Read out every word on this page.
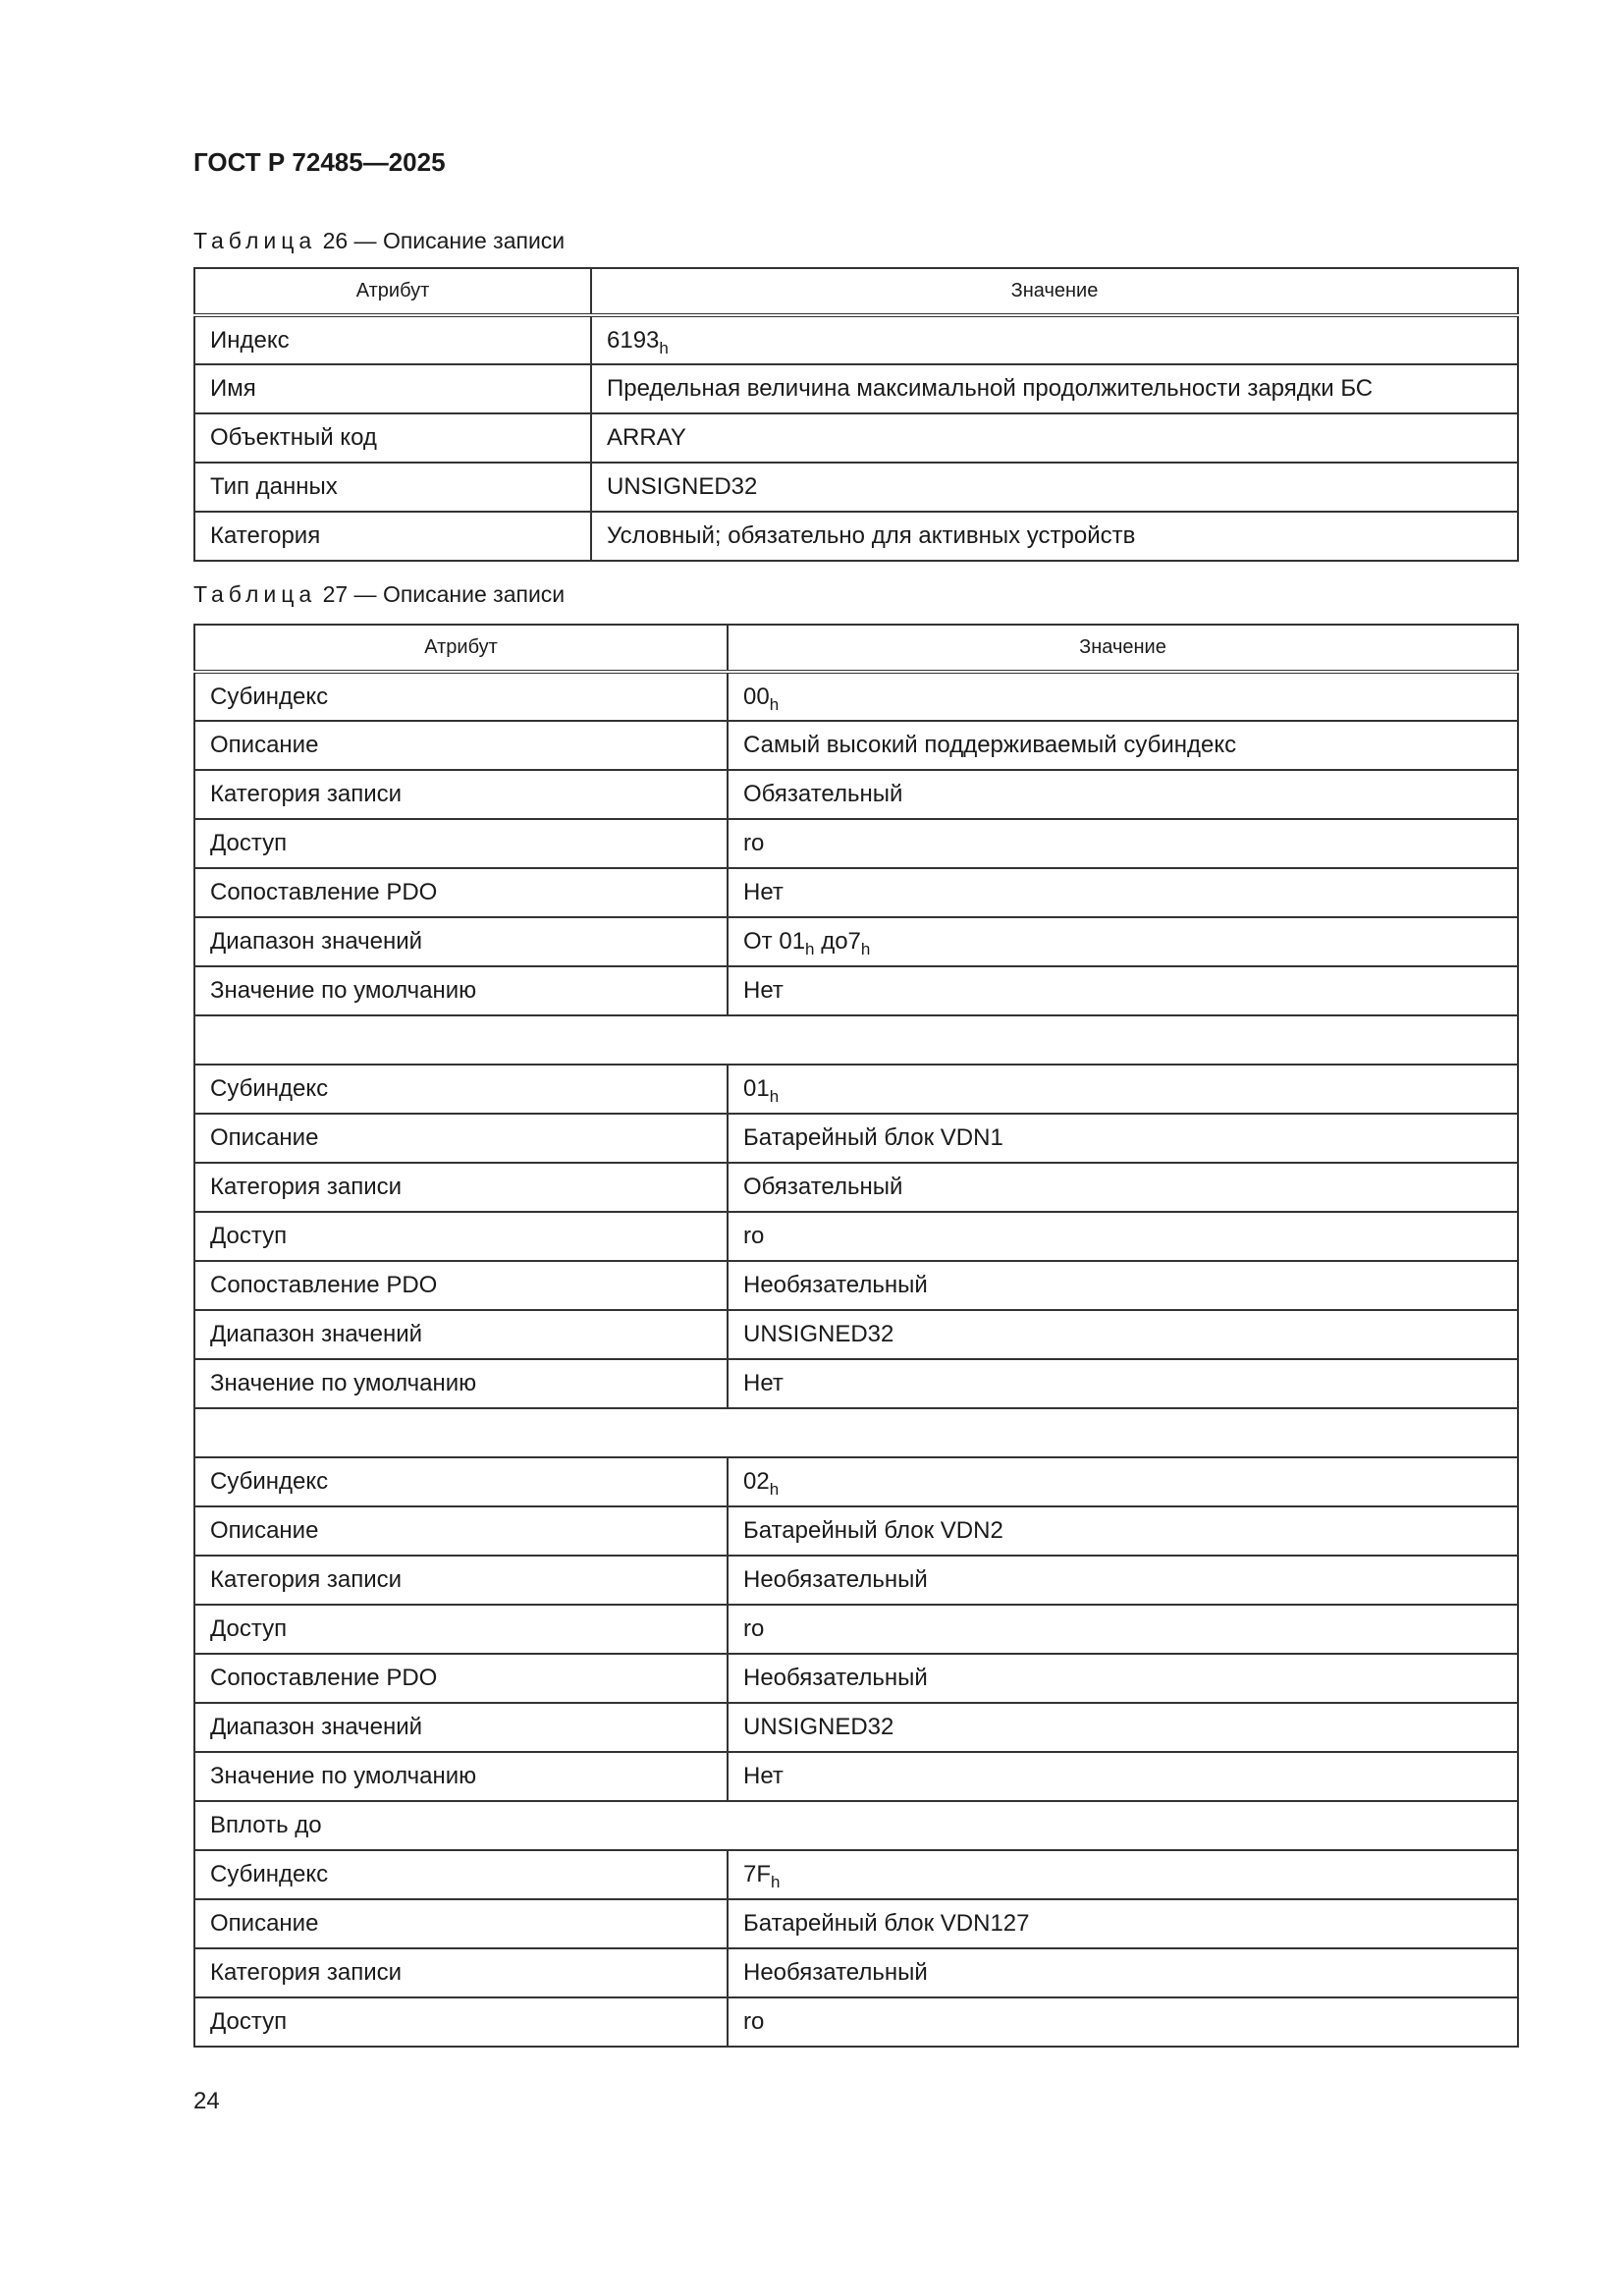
ГОСТ Р 72485—2025
Таблица 26 — Описание записи
Атрибут	Значение
Индекс	$6193_h$
Имя	Предельная величина максимальной продолжительности зарядки БС
Объектный код	ARRAY
Тип данных	UNSIGNED32
Категория	Условный; обязательно для активных устройств
Таблица 27 — Описание записи
Атрибут	Значение
Субиндекс	$00_h$
Описание	Самый высокий поддерживаемый субиндекс
Категория записи	Обязательный
Доступ	ro
Сопоставление PDO	Нет
Диапазон значений	От $01_h$ $до7_h$
Значение по умолчанию	Нет

Субиндекс	$01_h$
Описание	Батарейный блок VDN1
Категория записи	Обязательный
Доступ	ro
Сопоставление PDO	Необязательный
Диапазон значений	UNSIGNED32
Значение по умолчанию	Нет

Субиндекс	$02_h$
Описание	Батарейный блок VDN2
Категория записи	Необязательный
Доступ	ro
Сопоставление PDO	Необязательный
Диапазон значений	UNSIGNED32
Значение по умолчанию	Нет
Вплоть до	
Субиндекс	$7F_h$
Описание	Батарейный блок VDN127
Категория записи	Необязательный
Доступ	ro
24
